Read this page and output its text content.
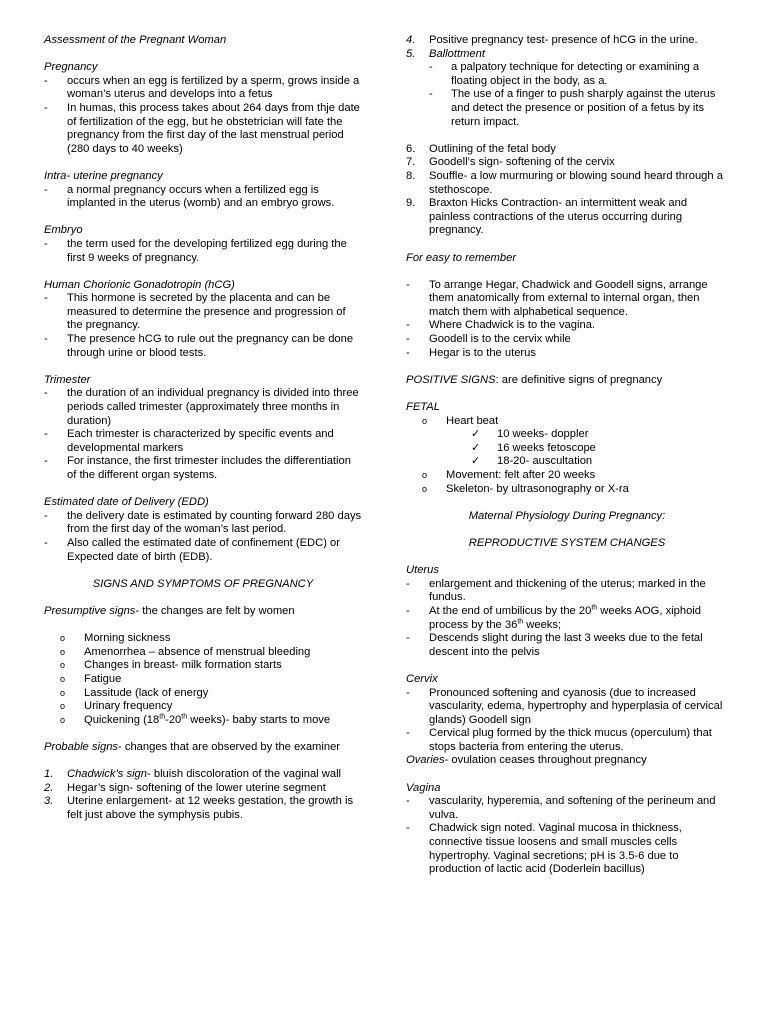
Assessment of the Pregnant Woman

Pregnancy

-	occurs when an egg is fertilized by a sperm, grows inside a woman’s uterus and develops into a fetus
-	In humas, this process takes about 264 days from thje date of fertilization of the egg, but he obstetrician will fate the pregnancy from the first day of the last menstrual period (280 days to 40 weeks)

Intra- uterine pregnancy

-	a normal pregnancy occurs when a fertilized egg is implanted in the uterus (womb) and an embryo grows.

Embryo

-	the term used for the developing fertilized egg during the first 9 weeks of pregnancy.

Human Chorionic Gonadotropin (hCG)

-	This hormone is secreted by the placenta and can be measured to determine the presence and progression of the pregnancy.
-	The presence hCG to rule out the pregnancy can be done through urine or blood tests.

Trimester

-	the duration of an individual pregnancy is divided into three periods called trimester (approximately three months in duration)
-	Each trimester is characterized by specific events and developmental markers
-	For instance, the first trimester includes the differentiation of the different organ systems.

Estimated date of Delivery (EDD)

-	the delivery date is estimated by counting forward 280 days from the first day of the woman’s last period.
-	Also called the estimated date of confinement (EDC) or Expected date of birth (EDB).

SIGNS AND SYMPTOMS OF PREGNANCY

Presumptive signs- the changes are felt by women

o	Morning sickness
o	Amenorrhea – absence of menstrual bleeding
o	Changes in breast- milk formation starts
o	Fatigue
o	Lassitude (lack of energy
o	Urinary frequency
o	Quickening (18th-20th weeks)- baby starts to move

Probable signs- changes that are observed by the examiner

1.	Chadwick’s sign- bluish discoloration of the vaginal wall
2.	Hegar’s sign- softening of the lower uterine segment
3.	Uterine enlargement- at 12 weeks gestation, the growth is felt just above the symphysis pubis.
4.	Positive pregnancy test- presence of hCG in the urine.
5.	Ballottment
-	a palpatory technique for detecting or examining a floating object in the body, as a.
-	The use of a finger to push sharply against the uterus and detect the presence or position of a fetus by its return impact.
6.	Outlining of the fetal body
7.	Goodell’s sign- softening of the cervix
8.	Souffle- a low murmuring or blowing sound heard through a stethoscope.
9.	Braxton Hicks Contraction- an intermittent weak and painless contractions of the uterus occurring during pregnancy.

For easy to remember

-	To arrange Hegar, Chadwick and Goodell signs, arrange them anatomically from external to internal organ, then match them with alphabetical sequence.
-	Where Chadwick is to the vagina.
-	Goodell is to the cervix while
-	Hegar is to the uterus

POSITIVE SIGNS: are definitive signs of pregnancy

FETAL

o	Heart beat
✓	10 weeks- doppler
✓	16 weeks fetoscope
✓	18-20- auscultation
o	Movement: felt after 20 weeks
o	Skeleton- by ultrasonography or X-ra

Maternal Physiology During Pregnancy:

REPRODUCTIVE SYSTEM CHANGES

Uterus

-	enlargement and thickening of the uterus; marked in the fundus.
-	At the end of umbilicus by the 20th weeks AOG, xiphoid process by the 36th weeks;
-	Descends slight during the last 3 weeks due to the fetal descent into the pelvis

Cervix

-	Pronounced softening and cyanosis (due to increased vascularity, edema, hypertrophy and hyperplasia of cervical glands) Goodell sign
-	Cervical plug formed by the thick mucus (operculum) that stops bacteria from entering the uterus.

Ovaries- ovulation ceases throughout pregnancy

Vagina

-	vascularity, hyperemia, and softening of the perineum and vulva.
-	Chadwick sign noted. Vaginal mucosa in thickness, connective tissue loosens and small muscles cells hypertrophy. Vaginal secretions; pH is 3.5-6 due to production of lactic acid (Doderlein bacillus)
